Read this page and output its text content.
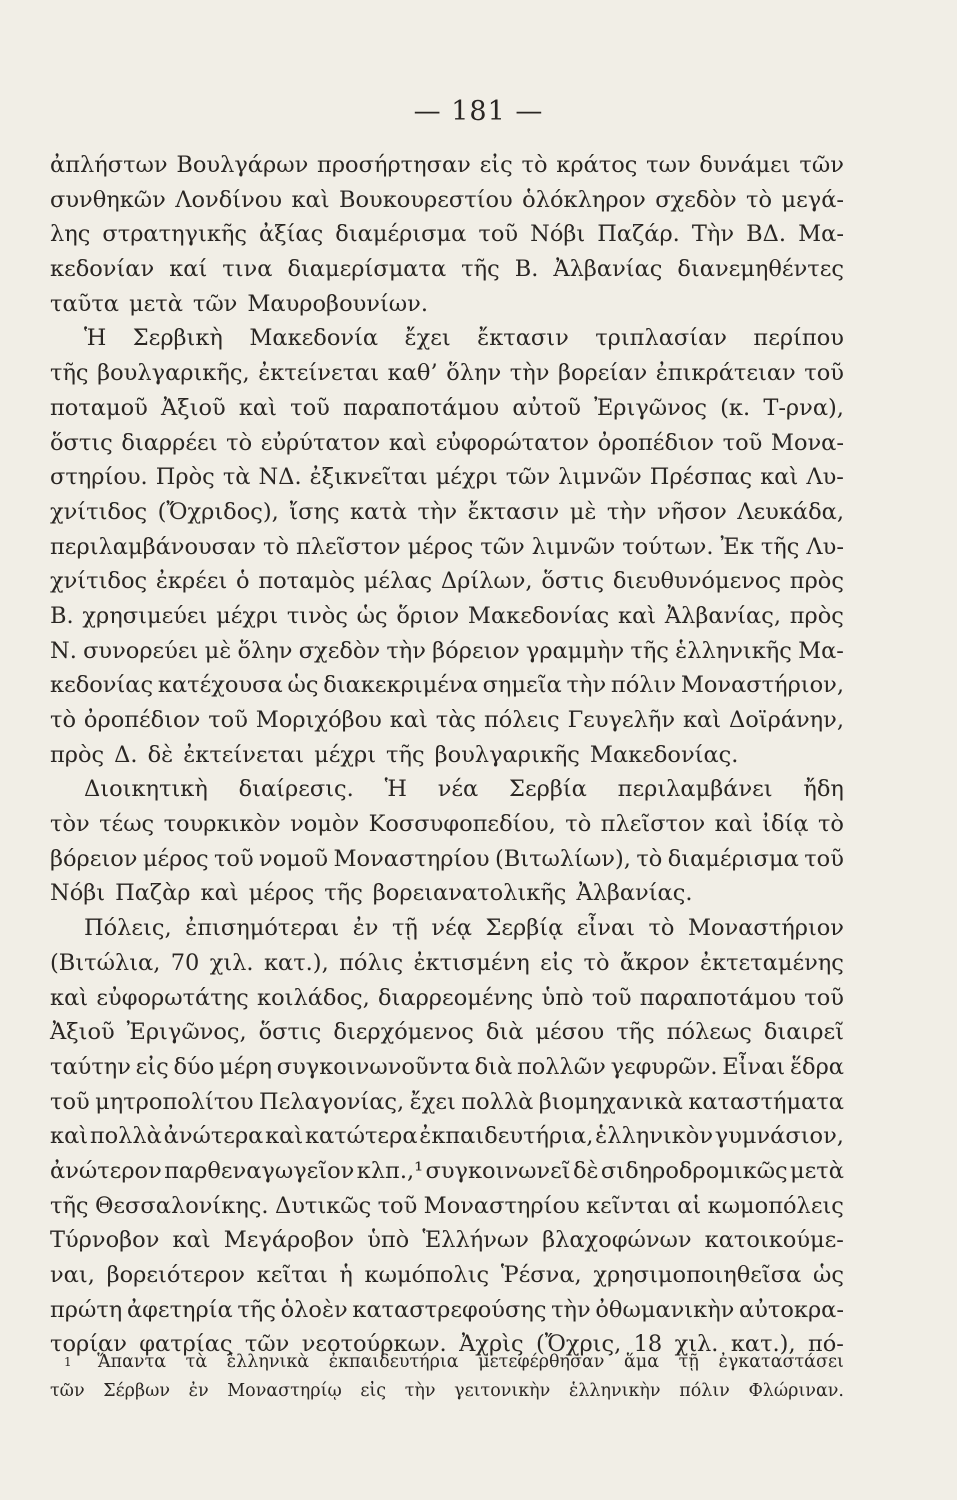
— 181 —
ἀπλήστων Βουλγάρων προσήρτησαν εἰς τὸ κράτος των δυνάμει τῶν
συνθηκῶν Λονδίνου καὶ Βουκουρεστίου ὁλόκληρον σχεδὸν τὸ μεγά-
λης στρατηγικῆς ἀξίας διαμέρισμα τοῦ Νόβι Παζάρ. Τὴν ΒΔ. Μα-
κεδονίαν καί τινα διαμερίσματα τῆς Β. Ἀλβανίας διανεμηθέντες
ταῦτα μετὰ τῶν Μαυροβουνίων.
Ἡ Σερβικὴ Μακεδονία ἔχει ἔκτασιν τριπλασίαν περίπου
τῆς βουλγαρικῆς, ἐκτείνεται καθ’ ὅλην τὴν βορείαν ἐπικράτειαν τοῦ
ποταμοῦ Ἀξιοῦ καὶ τοῦ παραποτάμου αὐτοῦ Ἐριγῶνος (κ. Τ‑ρνα),
ὅστις διαρρέει τὸ εὐρύτατον καὶ εὐφορώτατον ὀροπέδιον τοῦ Μονα-
στηρίου. Πρὸς τὰ ΝΔ. ἐξικνεῖται μέχρι τῶν λιμνῶν Πρέσπας καὶ Λυ-
χνίτιδος (Ὄχριδος), ἴσης κατὰ τὴν ἔκτασιν μὲ τὴν νῆσον Λευκάδα,
περιλαμβάνουσαν τὸ πλεῖστον μέρος τῶν λιμνῶν τούτων. Ἐκ τῆς Λυ-
χνίτιδος ἐκρέει ὁ ποταμὸς μέλας Δρίλων, ὅστις διευθυνόμενος πρὸς
Β. χρησιμεύει μέχρι τινὸς ὡς ὅριον Μακεδονίας καὶ Ἀλβανίας, πρὸς
Ν. συνορεύει μὲ ὅλην σχεδὸν τὴν βόρειον γραμμὴν τῆς ἑλληνικῆς Μα-
κεδονίας κατέχουσα ὡς διακεκριμένα σημεῖα τὴν πόλιν Μοναστήριον,
τὸ ὀροπέδιον τοῦ Μοριχόβου καὶ τὰς πόλεις Γευγελῆν καὶ Δοϊράνην,
πρὸς Δ. δὲ ἐκτείνεται μέχρι τῆς βουλγαρικῆς Μακεδονίας.
Διοικητικὴ διαίρεσις. Ἡ νέα Σερβία περιλαμβάνει ἤδη
τὸν τέως τουρκικὸν νομὸν Κοσσυφοπεδίου, τὸ πλεῖστον καὶ ἰδίᾳ τὸ
βόρειον μέρος τοῦ νομοῦ Μοναστηρίου (Βιτωλίων), τὸ διαμέρισμα τοῦ
Νόβι Παζὰρ καὶ μέρος τῆς βορειανατολικῆς Ἀλβανίας.
Πόλεις, ἐπισημότεραι ἐν τῇ νέᾳ Σερβίᾳ εἶναι τὸ Μοναστήριον
(Βιτώλια, 70 χιλ. κατ.), πόλις ἐκτισμένη εἰς τὸ ἄκρον ἐκτεταμένης
καὶ εὐφορωτάτης κοιλάδος, διαρρεομένης ὑπὸ τοῦ παραποτάμου τοῦ
Ἀξιοῦ Ἐριγῶνος, ὅστις διερχόμενος διὰ μέσου τῆς πόλεως διαιρεῖ
ταύτην εἰς δύο μέρη συγκοινωνοῦντα διὰ πολλῶν γεφυρῶν. Εἶναι ἕδρα
τοῦ μητροπολίτου Πελαγονίας, ἔχει πολλὰ βιομηχανικὰ καταστήματα
καὶ πολλὰ ἀνώτερα καὶ κατώτερα ἐκπαιδευτήρια, ἑλληνικὸν γυμνάσιον,
ἀνώτερον παρθεναγωγεῖον κλπ.,¹ συγκοινωνεῖ δὲ σιδηροδρομικῶς μετὰ
τῆς Θεσσαλονίκης. Δυτικῶς τοῦ Μοναστηρίου κεῖνται αἱ κωμοπόλεις
Τύρνοβον καὶ Μεγάροβον ὑπὸ Ἑλλήνων βλαχοφώνων κατοικούμε-
ναι, βορειότερον κεῖται ἡ κωμόπολις Ῥέσνα, χρησιμοποιηθεῖσα ὡς
πρώτη ἀφετηρία τῆς ὁλοὲν καταστρεφούσης τὴν ὀθωμανικὴν αὐτοκρα-
τορίαν φατρίας τῶν νεοτούρκων. Ἀχρὶς (Ὄχρις, 18 χιλ. κατ.), πό-
1 Ἅπαντα τὰ ἑλληνικὰ ἐκπαιδευτήρια μετεφέρθησαν ἅμα τῇ ἐγκαταστάσει
τῶν Σέρβων ἐν Μοναστηρίῳ εἰς τὴν γειτονικὴν ἑλληνικὴν πόλιν Φλώριναν.
